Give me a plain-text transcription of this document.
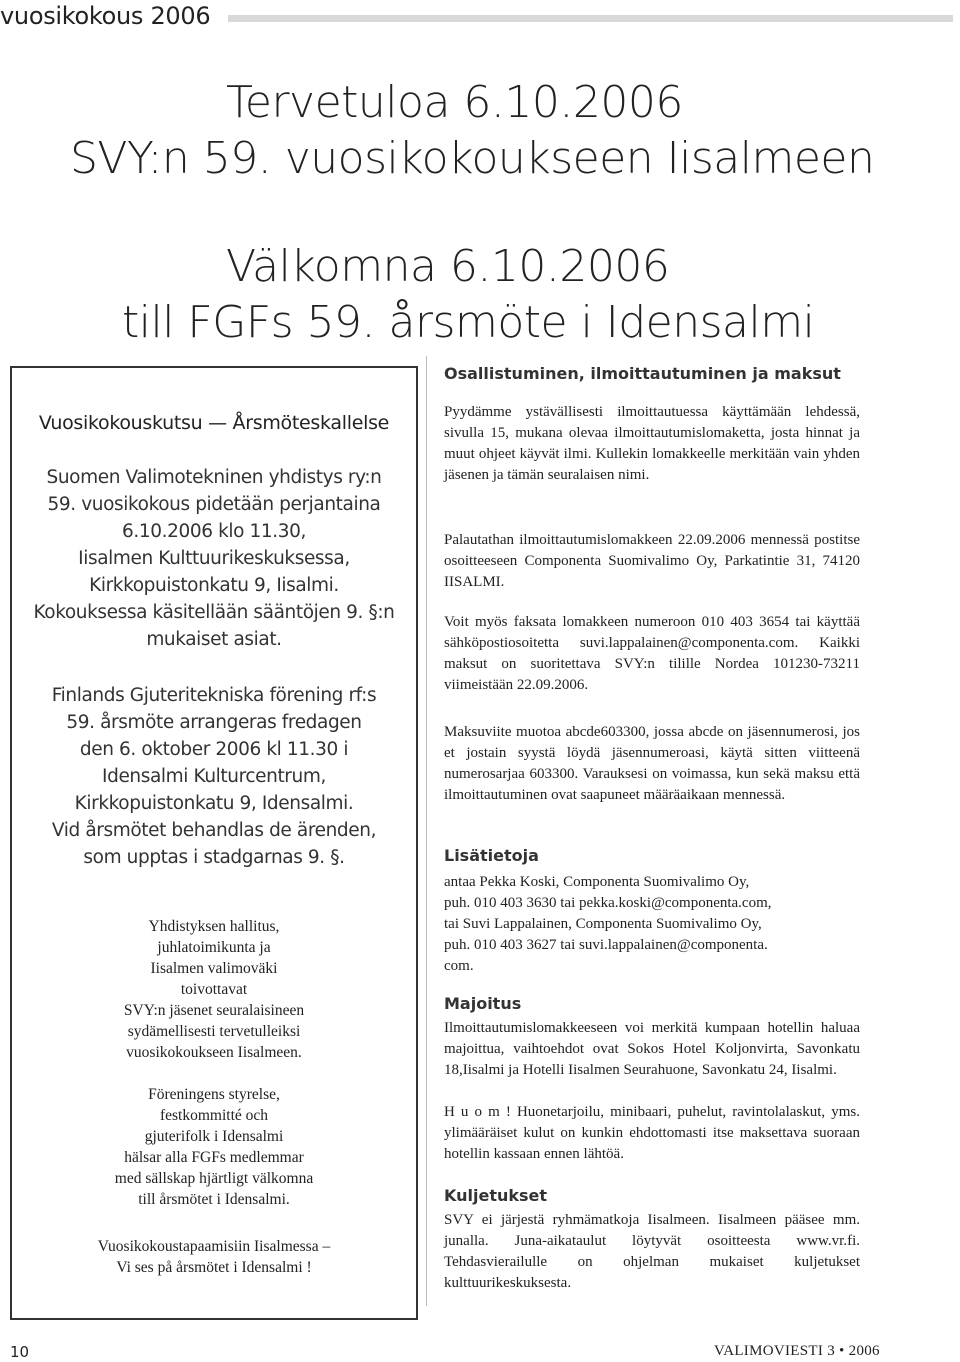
vuosikokous 2006
Tervetuloa 6.10.2006
SVY:n 59. vuosikokoukseen Iisalmeen
Välkomna 6.10.2006
till FGFs 59. årsmöte i Idensalmi
Vuosikokouskutsu — Årsmöteskallelse
Suomen Valimotekninen yhdistys ry:n
59. vuosikokous pidetään perjantaina
6.10.2006 klo 11.30,
Iisalmen Kulttuurikeskuksessa,
Kirkkopuistonkatu 9, Iisalmi.
Kokouksessa käsitellään sääntöjen 9. §:n
mukaiset asiat.
Finlands Gjuteritekniska förening rf:s
59. årsmöte arrangeras fredagen
den 6. oktober 2006 kl 11.30 i
Idensalmi Kulturcentrum,
Kirkkopuistonkatu 9, Idensalmi.
Vid årsmötet behandlas de ärenden,
som upptas i stadgarnas 9. §.
Yhdistyksen hallitus,
juhlatoimikunta ja
Iisalmen valimoväki
toivottavat
SVY:n jäsenet seuralaisineen
sydämellisesti tervetulleiksi
vuosikokoukseen Iisalmeen.
Föreningens styrelse,
festkommitté och
gjuterifolk i Idensalmi
hälsar alla FGFs medlemmar
med sällskap hjärtligt välkomna
till årsmötet i Idensalmi.
Vuosikokoustapaamisiin Iisalmessa –
Vi ses på årsmötet i Idensalmi !
Osallistuminen, ilmoittautuminen ja maksut
Pyydämme ystävällisesti ilmoittautuessa käyttämään lehdessä, sivulla 15, mukana olevaa ilmoittautumislomaketta, josta hinnat ja muut ohjeet käyvät ilmi. Kullekin lomakkeelle merkitään vain yhden jäsenen ja tämän seuralaisen nimi.
Palautathan ilmoittautumislomakkeen 22.09.2006 mennessä postitse osoitteeseen Componenta Suomivalimo Oy, Parkatintie 31, 74120 IISALMI.
Voit myös faksata lomakkeen numeroon 010 403 3654 tai käyttää sähköpostiosoitetta suvi.lappalainen@componenta.com. Kaikki maksut on suoritettava SVY:n tilille Nordea 101230-73211 viimeistään 22.09.2006.
Maksuviite muotoa abcde603300, jossa abcde on jäsennumerosi, jos et jostain syystä löydä jäsennumeroasi, käytä sitten viitteenä numerosarjaa 603300. Varauksesi on voimassa, kun sekä maksu että ilmoittautuminen ovat saapuneet määräaikaan mennessä.
Lisätietoja
antaa Pekka Koski, Componenta Suomivalimo Oy,
puh. 010 403 3630 tai pekka.koski@componenta.com,
tai Suvi Lappalainen, Componenta Suomivalimo Oy,
puh. 010 403 3627 tai suvi.lappalainen@componenta.
com.
Majoitus
Ilmoittautumislomakkeeseen voi merkitä kumpaan hotellin haluaa majoittua, vaihtoehdot ovat Sokos Hotel Koljonvirta, Savonkatu 18,Iisalmi ja Hotelli Iisalmen Seurahuone, Savonkatu 24, Iisalmi.
H u o m ! Huonetarjoilu, minibaari, puhelut, ravintolalaskut, yms. ylimääräiset kulut on kunkin ehdottomasti itse maksettava suoraan hotellin kassaan ennen lähtöä.
Kuljetukset
SVY ei järjestä ryhmämatkoja Iisalmeen. Iisalmeen pääsee mm. junalla. Juna-aikataulut löytyvät osoitteesta www.vr.fi. Tehdasvierailulle on ohjelman mukaiset kuljetukset kulttuurikeskuksesta.
10	VALIMOVIESTI 3 • 2006
